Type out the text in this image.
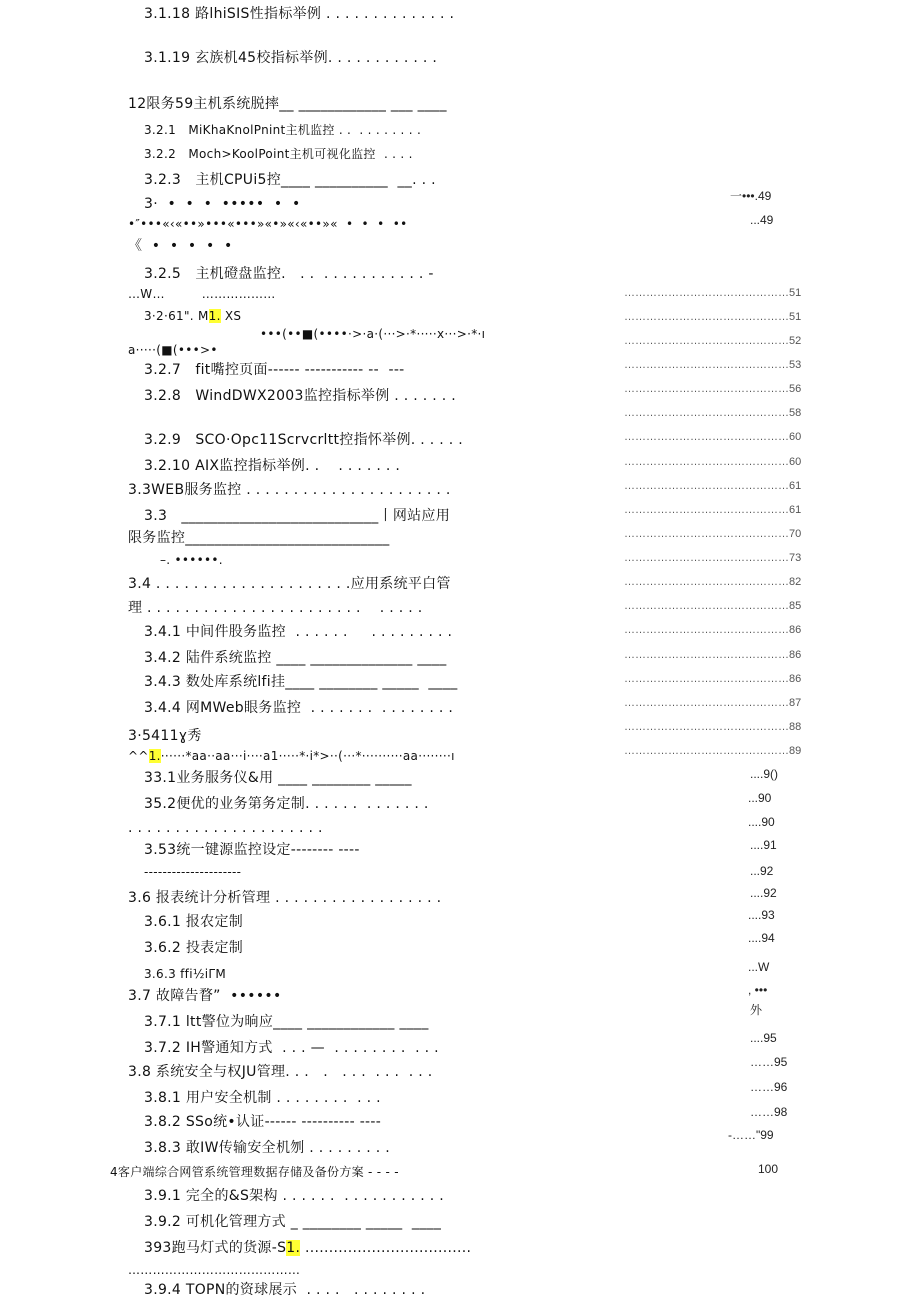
3.1.18 路lhiSIS性指标举例 . . . . . . . . . . . . . .
3.1.19 玄族机45校指标举例. . . . . . . . . . . .
12限务59主机系统脱摔__ ____________ ___ ____
3.2.1   MiKhaKnolPnint主机监控 . .  . . . . . . . .
3.2.2   Moch>KoolPoint主机可视化监控  . . . .
3.2.3   主机CPUi5控____ __________  __. . .
3·  •  •  •  •••••  •  •
•″•••«‹«••»•••«•••»«•»«‹«••»«  •  •  •  ••
《  •  •  •  •  •
3.2.5   主机磴盘监控.   . .  . . . . . . . . . . . -
…W…         ………………
3·2·61". M1. XS
•••(••■(••••·>·a·(···>·*·····x···>·*·ı
a·····(■(•••>•
3.2.7   fit嘴控页面------ ----------- --  ---
3.2.8   WindDWX2003监控指标举例 . . . . . . .
3.2.9   SCO·Opc11Scrvcrltt控指怀举例. . . . . .
3.2.10 AIX监控指标举例. .    . . . . . . .
3.3WEB服务监控 . . . . . . . . . . . . . . . . . . . . . .
3.3   ___________________________丨网站应用
限务监控____________________________
–. ••••••.
3.4 . . . . . . . . . . . . . . . . . . . . .应用系统平白管
理 . . . . . . . . . . . . . . . . . . . . . . .    . . . . .
3.4.1 中间件股务监控  . . . . . .     . . . . . . . . .
3.4.2 陆件系统监控 ____ ______________ ____
3.4.3 数处库系统lfi挂____ ________ _____  ____
3.4.4 网MWeb眼务监控  . . . . . . .  . . . . . . . .
3·5411ɣ秀
^^1.······*aa··aa···i····a1·····*·i*>··(···*··········aa········ı
33.1业务服务仪&用 ____ ________ _____
35.2便优的业务第务定制. . . . . .  . . . . . . .
. . . . . . . . . . . . . . . . . . . . .
3.53统一键源监控设定-------- ----
---------------------
3.6 报表统计分析管理 . . . . . . . . . . . . . . . . . .
3.6.1 报农定制
3.6.2 投表定制
3.6.3 ffi½iΓM
3.7 故障告瞀”  ••••••
3.7.1 ltt警位为晌应____ ____________ ____
3.7.2 IH警通知方式  . . . —  . . . . . . . .  . . .
3.8 系统安全与权JU管理. . .   .   . . .  . . .  . . .
3.8.1 用户安全机制 . . . . . . . .  . . .
3.8.2 SSo统•认证------ ---------- ----
3.8.3 敢IW传输安全机刎 . . . . . . . . .
4客户端综合网管系统管理数据存储及备份方案 - - - -
3.9.1 完全的&S架构 . . . . . .  . . . . . . . . . . .
3.9.2 可机化管理方式 _ ________ _____  ____
393跑马灯式的货源-S1. ...................................
……………………………………
3.9.4 TOPN的资球展示  . . . .   . . . . . . . .
一•••.49
...49
………………………………………51
………………………………………51
………………………………………52
………………………………………53
………………………………………56
………………………………………58
………………………………………60
………………………………………60
………………………………………61
………………………………………61
………………………………………70
………………………………………73
………………………………………82
………………………………………85
………………………………………86
………………………………………86
………………………………………86
………………………………………87
………………………………………88
………………………………………89
....9()
...90
....90
....91
...92
....92
....93
....94
...W
, •••
外
....95
……95
……96
……98
-……"99
100
